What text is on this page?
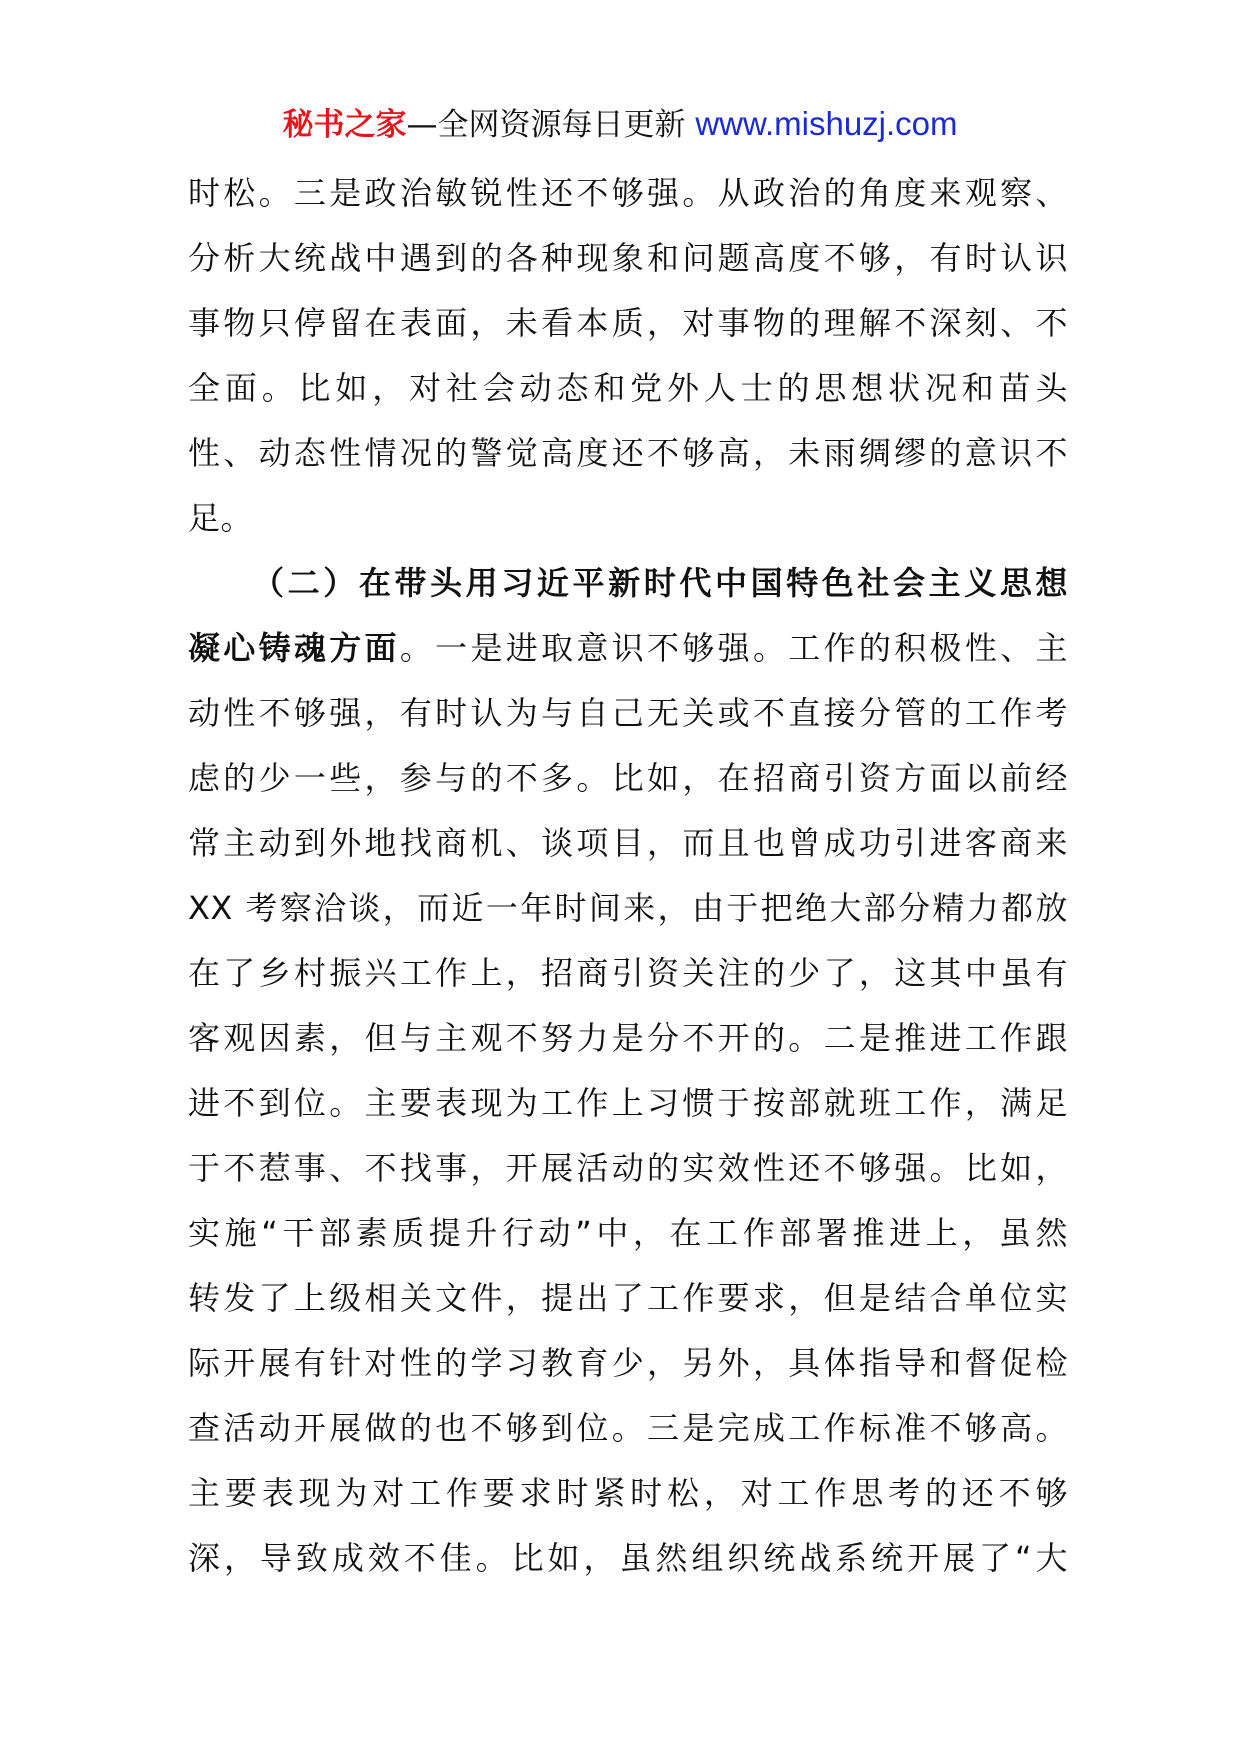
秘书之家—全网资源每日更新 www.mishuzj.com
时松。三是政治敏锐性还不够强。从政治的角度来观察、
分析大统战中遇到的各种现象和问题高度不够，有时认识
事物只停留在表面，未看本质，对事物的理解不深刻、不
全面。比如，对社会动态和党外人士的思想状况和苗头
性、动态性情况的警觉高度还不够高，未雨绸缪的意识不
足。
（二）在带头用习近平新时代中国特色社会主义思想
凝心铸魂方面。一是进取意识不够强。工作的积极性、主
动性不够强，有时认为与自己无关或不直接分管的工作考
虑的少一些，参与的不多。比如，在招商引资方面以前经
常主动到外地找商机、谈项目，而且也曾成功引进客商来
XX 考察洽谈，而近一年时间来，由于把绝大部分精力都放
在了乡村振兴工作上，招商引资关注的少了，这其中虽有
客观因素，但与主观不努力是分不开的。二是推进工作跟
进不到位。主要表现为工作上习惯于按部就班工作，满足
于不惹事、不找事，开展活动的实效性还不够强。比如，
实施“干部素质提升行动”中，在工作部署推进上，虽然
转发了上级相关文件，提出了工作要求，但是结合单位实
际开展有针对性的学习教育少，另外，具体指导和督促检
查活动开展做的也不够到位。三是完成工作标准不够高。
主要表现为对工作要求时紧时松，对工作思考的还不够
深，导致成效不佳。比如，虽然组织统战系统开展了“大
